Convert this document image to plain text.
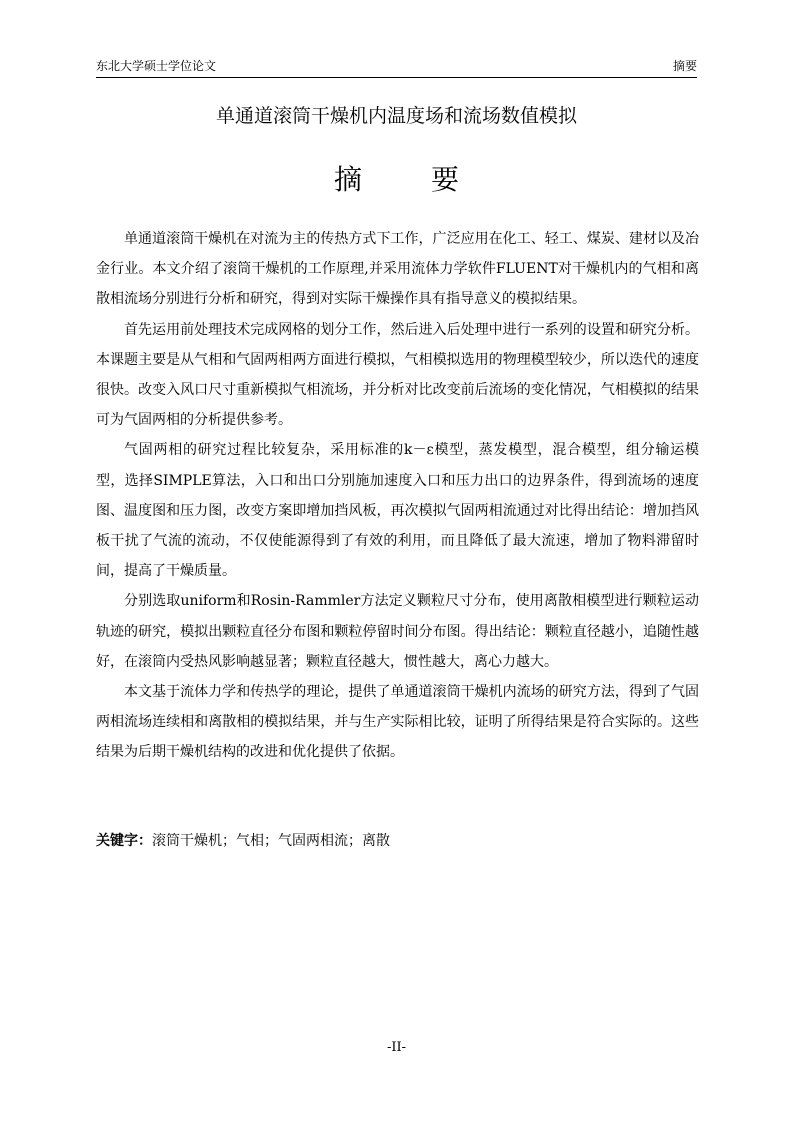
东北大学硕士学位论文	摘要
单通道滚筒干燥机内温度场和流场数值模拟
摘 要

单通道滚筒干燥机在对流为主的传热方式下工作，广泛应用在化工、轻工、煤炭、建材以及冶金行业。本文介绍了滚筒干燥机的工作原理,并采用流体力学软件FLUENT对干燥机内的气相和离散相流场分别进行分析和研究，得到对实际干燥操作具有指导意义的模拟结果。

首先运用前处理技术完成网格的划分工作，然后进入后处理中进行一系列的设置和研究分析。本课题主要是从气相和气固两相两方面进行模拟，气相模拟选用的物理模型较少，所以迭代的速度很快。改变入风口尺寸重新模拟气相流场，并分析对比改变前后流场的变化情况，气相模拟的结果可为气固两相的分析提供参考。

气固两相的研究过程比较复杂，采用标准的k－ε模型，蒸发模型，混合模型，组分输运模型，选择SIMPLE算法，入口和出口分别施加速度入口和压力出口的边界条件，得到流场的速度图、温度图和压力图，改变方案即增加挡风板，再次模拟气固两相流通过对比得出结论：增加挡风板干扰了气流的流动，不仅使能源得到了有效的利用，而且降低了最大流速，增加了物料滞留时间，提高了干燥质量。

分别选取uniform和Rosin-Rammler方法定义颗粒尺寸分布，使用离散相模型进行颗粒运动轨迹的研究，模拟出颗粒直径分布图和颗粒停留时间分布图。得出结论：颗粒直径越小，追随性越好，在滚筒内受热风影响越显著；颗粒直径越大，惯性越大，离心力越大。

本文基于流体力学和传热学的理论，提供了单通道滚筒干燥机内流场的研究方法，得到了气固两相流场连续相和离散相的模拟结果，并与生产实际相比较，证明了所得结果是符合实际的。这些结果为后期干燥机结构的改进和优化提供了依据。

关键字：滚筒干燥机；气相；气固两相流；离散
-II-
